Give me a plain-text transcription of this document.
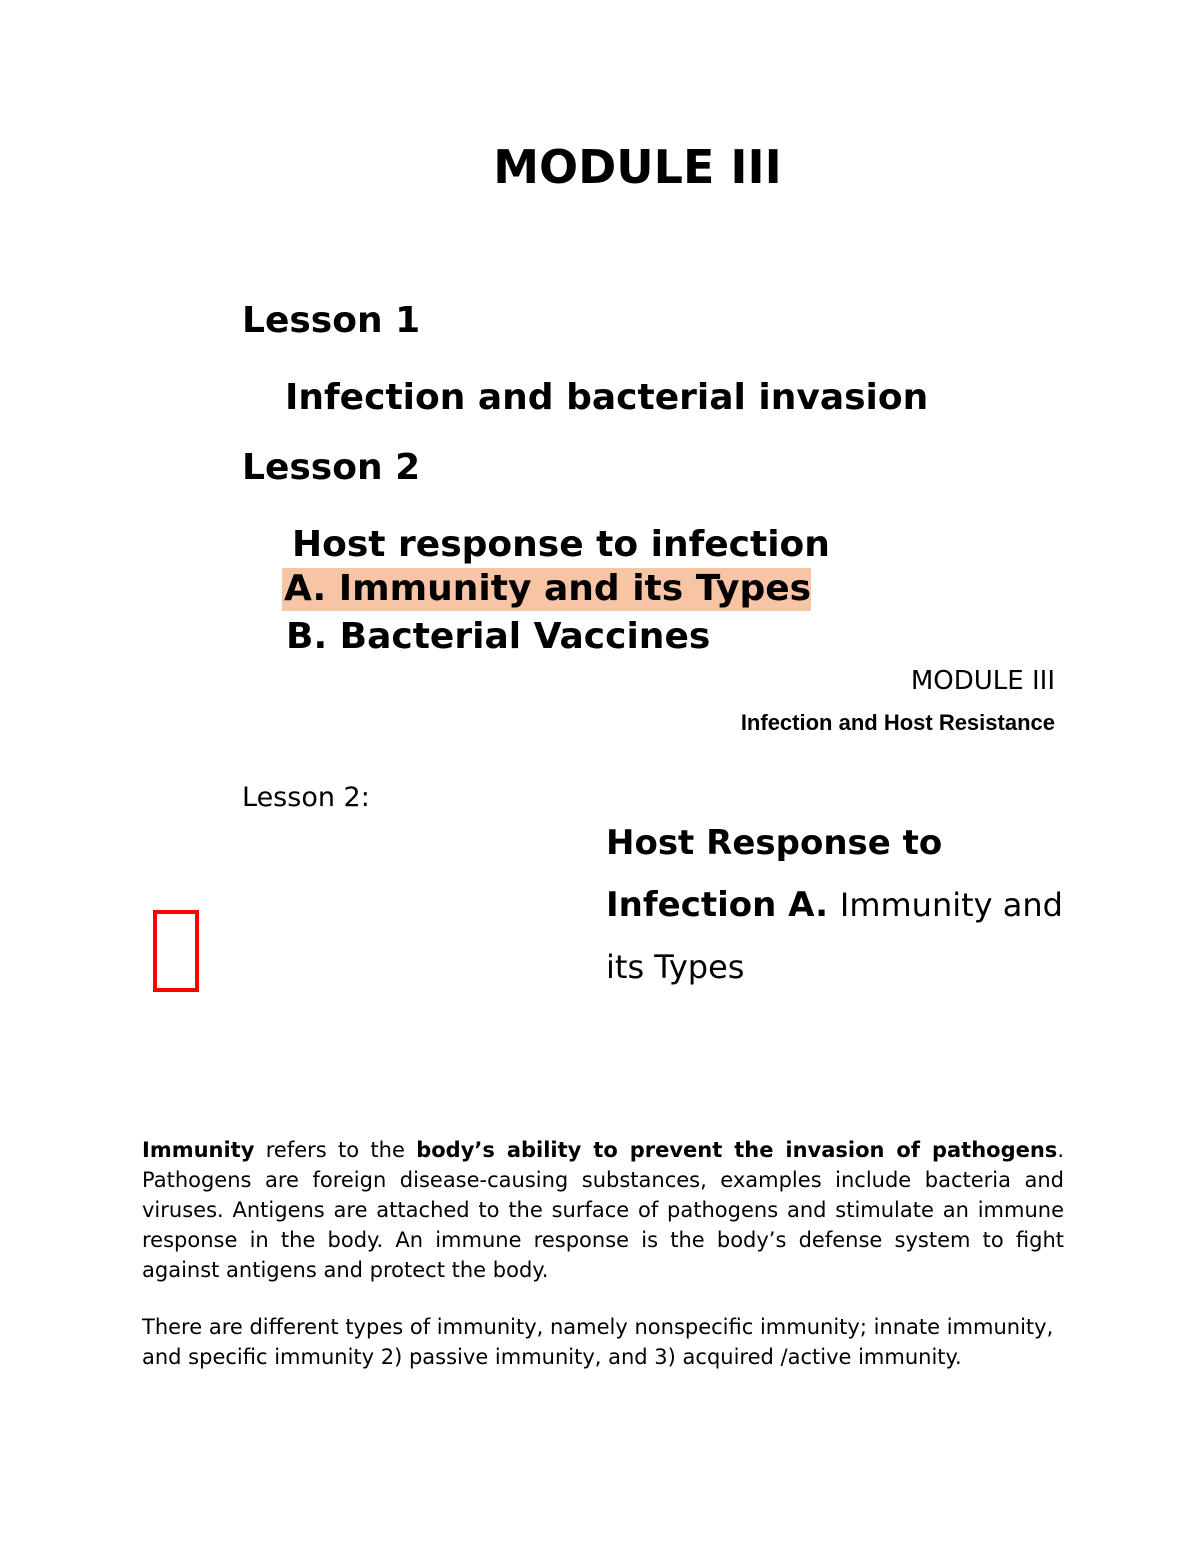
MODULE III
Lesson 1
Infection and bacterial invasion
Lesson 2
Host response to infection
A. Immunity and its Types
B. Bacterial Vaccines
MODULE III
Infection and Host Resistance
Lesson 2:
Host Response to Infection A. Immunity and its Types
Immunity refers to the body’s ability to prevent the invasion of pathogens. Pathogens are foreign disease-causing substances, examples include bacteria and viruses. Antigens are attached to the surface of pathogens and stimulate an immune response in the body. An immune response is the body’s defense system to fight against antigens and protect the body.
There are different types of immunity, namely nonspecific immunity; innate immunity, and specific immunity 2) passive immunity, and 3) acquired /active immunity.
